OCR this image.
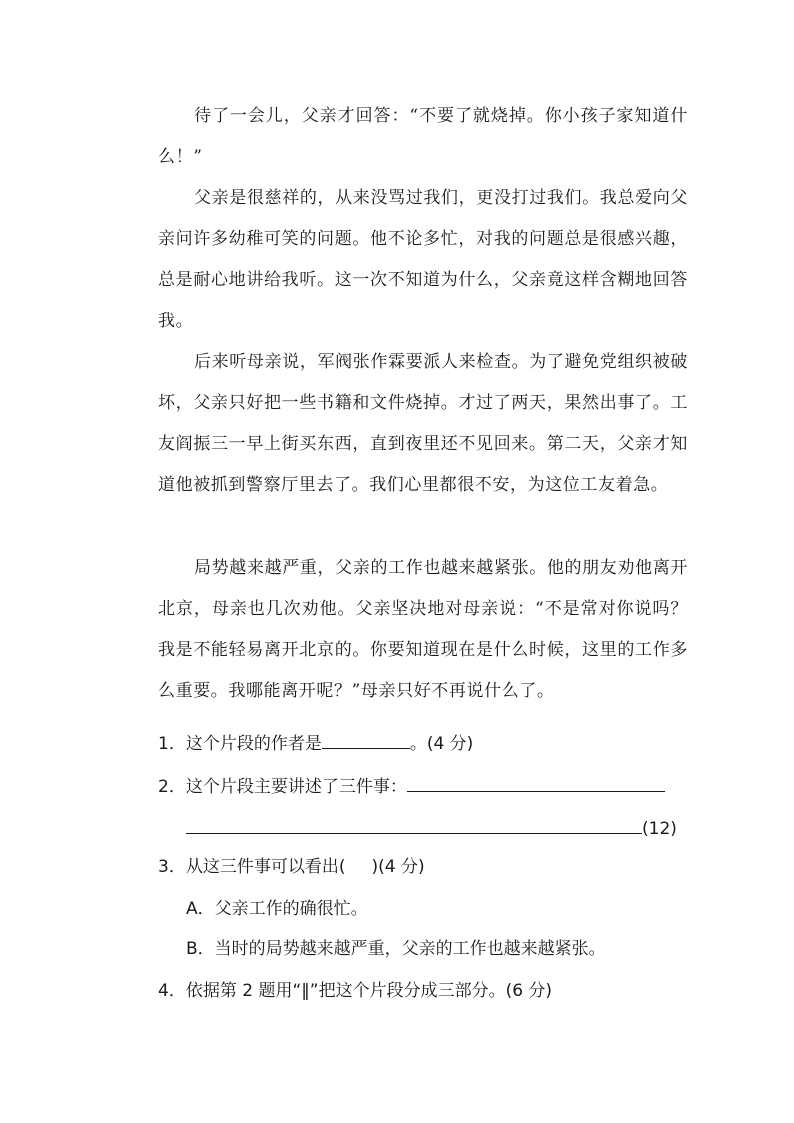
待了一会儿，父亲才回答：“不要了就烧掉。你小孩子家知道什么！”

父亲是很慈祥的，从来没骂过我们，更没打过我们。我总爱向父亲问许多幼稚可笑的问题。他不论多忙，对我的问题总是很感兴趣，总是耐心地讲给我听。这一次不知道为什么，父亲竟这样含糊地回答我。

后来听母亲说，军阀张作霖要派人来检查。为了避免党组织被破坏，父亲只好把一些书籍和文件烧掉。才过了两天，果然出事了。工友阎振三一早上街买东西，直到夜里还不见回来。第二天，父亲才知道他被抓到警察厅里去了。我们心里都很不安，为这位工友着急。

局势越来越严重，父亲的工作也越来越紧张。他的朋友劝他离开北京，母亲也几次劝他。父亲坚决地对母亲说：“不是常对你说吗？我是不能轻易离开北京的。你要知道现在是什么时候，这里的工作多么重要。我哪能离开呢？”母亲只好不再说什么了。

1．这个片段的作者是	。(4 分)
2．这个片段主要讲述了三件事：
(12)
3．从这三件事可以看出( )(4 分)
A．父亲工作的确很忙。
B．当时的局势越来越严重，父亲的工作也越来越紧张。
4．依据第 2 题用“‖”把这个片段分成三部分。(6 分)
